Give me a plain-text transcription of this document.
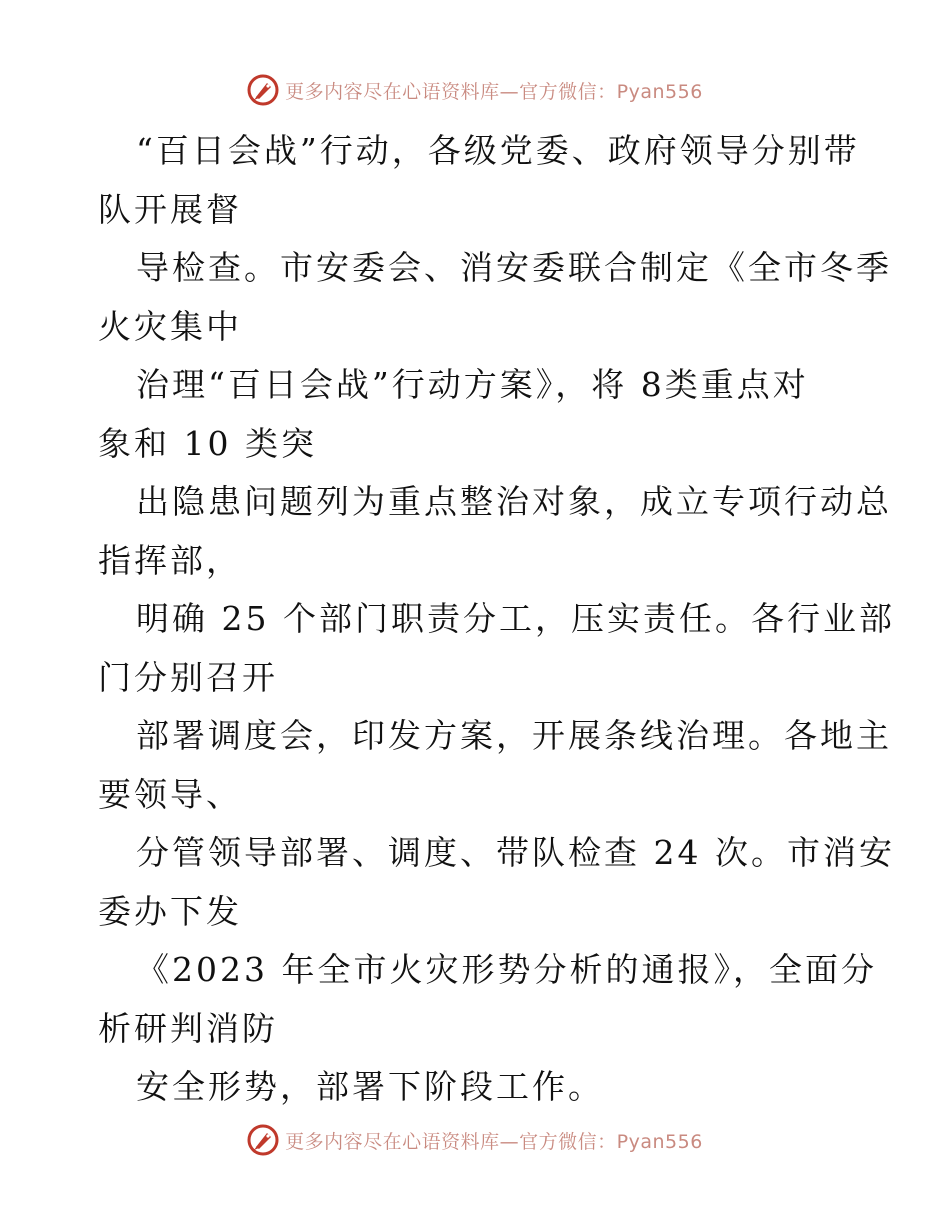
更多内容尽在心语资料库—官方微信：Pyan556

“百日会战”行动，各级党委、政府领导分别带
队开展督

导检查。市安委会、消安委联合制定《全市冬季
火灾集中

治理“百日会战”行动方案》，将 8类重点对
象和 10 类突

出隐患问题列为重点整治对象，成立专项行动总
指挥部，

明确 25 个部门职责分工，压实责任。各行业部
门分别召开

部署调度会，印发方案，开展条线治理。各地主
要领导、

分管领导部署、调度、带队检查 24 次。市消安
委办下发

《2023 年全市火灾形势分析的通报》，全面分
析研判消防

安全形势，部署下阶段工作。

更多内容尽在心语资料库—官方微信：Pyan556
